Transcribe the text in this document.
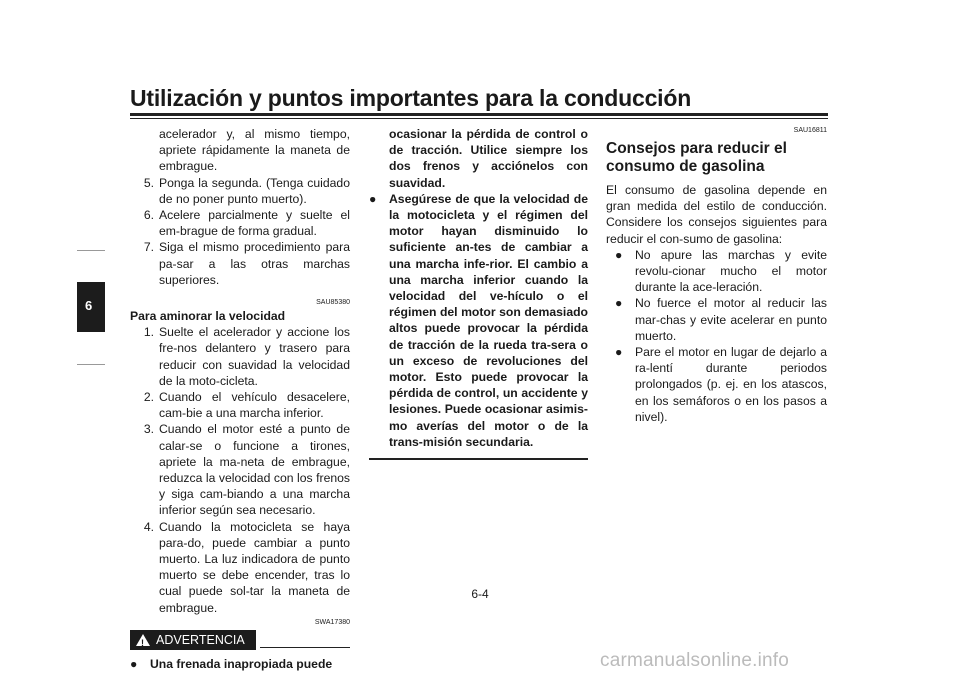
Utilización y puntos importantes para la conducción
6

acelerador y, al mismo tiempo, apriete rápidamente la maneta de embrague.

5. Ponga la segunda. (Tenga cuidado de no poner punto muerto).
6. Acelere parcialmente y suelte el em-brague de forma gradual.
7. Siga el mismo procedimiento para pa-sar a las otras marchas superiores.
SAU85380
Para aminorar la velocidad
1. Suelte el acelerador y accione los fre-nos delantero y trasero para reducir con suavidad la velocidad de la moto-cicleta.
2. Cuando el vehículo desacelere, cam-bie a una marcha inferior.
3. Cuando el motor esté a punto de calar-se o funcione a tirones, apriete la ma-neta de embrague, reduzca la velocidad con los frenos y siga cam-biando a una marcha inferior según sea necesario.
4. Cuando la motocicleta se haya para-do, puede cambiar a punto muerto. La luz indicadora de punto muerto se debe encender, tras lo cual puede sol-tar la maneta de embrague.
SWA17380
!
ADVERTENCIA
●	Una frenada inapropiada puede

ocasionar la pérdida de control o de tracción. Utilice siempre los dos frenos y acciónelos con suavidad.

●	Asegúrese de que la velocidad de la motocicleta y el régimen del motor hayan disminuido lo suficiente an-tes de cambiar a una marcha infe-rior. El cambio a una marcha inferior cuando la velocidad del ve-hículo o el régimen del motor son demasiado altos puede provocar la pérdida de tracción de la rueda tra-sera o un exceso de revoluciones del motor. Esto puede provocar la pérdida de control, un accidente y lesiones. Puede ocasionar asimis-mo averías del motor o de la trans-misión secundaria.
SAU16811
Consejos para reducir el consumo de gasolina

El consumo de gasolina depende en gran medida del estilo de conducción. Considere los consejos siguientes para reducir el con-sumo de gasolina:

●	No apure las marchas y evite revolu-cionar mucho el motor durante la ace-leración.
●	No fuerce el motor al reducir las mar-chas y evite acelerar en punto muerto.
●	Pare el motor en lugar de dejarlo a ra-lentí durante periodos prolongados (p. ej. en los atascos, en los semáforos o en los pasos a nivel).
6-4
carmanualsonline.info
